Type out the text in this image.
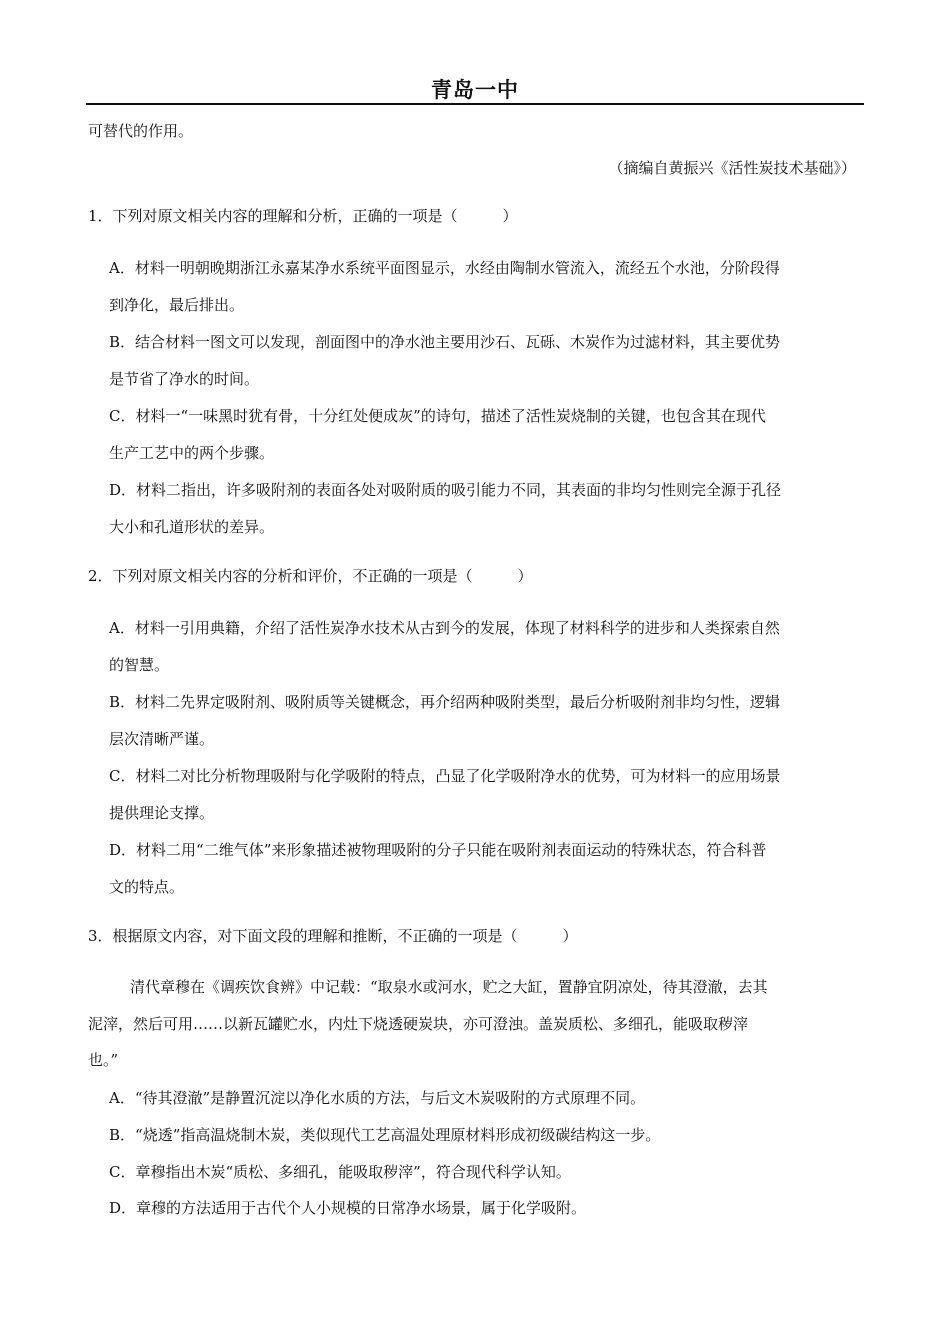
青岛一中
可替代的作用。
（摘编自黄振兴《活性炭技术基础》）
1．下列对原文相关内容的理解和分析，正确的一项是（　　　）
A．材料一明朝晚期浙江永嘉某净水系统平面图显示，水经由陶制水管流入，流经五个水池，分阶段得
到净化，最后排出。
B．结合材料一图文可以发现，剖面图中的净水池主要用沙石、瓦砾、木炭作为过滤材料，其主要优势
是节省了净水的时间。
C．材料一“一味黑时犹有骨，十分红处便成灰”的诗句，描述了活性炭烧制的关键，也包含其在现代
生产工艺中的两个步骤。
D．材料二指出，许多吸附剂的表面各处对吸附质的吸引能力不同，其表面的非均匀性则完全源于孔径
大小和孔道形状的差异。
2．下列对原文相关内容的分析和评价，不正确的一项是（　　　）
A．材料一引用典籍，介绍了活性炭净水技术从古到今的发展，体现了材料科学的进步和人类探索自然
的智慧。
B．材料二先界定吸附剂、吸附质等关键概念，再介绍两种吸附类型，最后分析吸附剂非均匀性，逻辑
层次清晰严谨。
C．材料二对比分析物理吸附与化学吸附的特点，凸显了化学吸附净水的优势，可为材料一的应用场景
提供理论支撑。
D．材料二用“二维气体”来形象描述被物理吸附的分子只能在吸附剂表面运动的特殊状态，符合科普
文的特点。
3．根据原文内容，对下面文段的理解和推断，不正确的一项是（　　　）
清代章穆在《调疾饮食辨》中记载：“取泉水或河水，贮之大缸，置静宜阴凉处，待其澄澈，去其
泥滓，然后可用……以新瓦罐贮水，内灶下烧透硬炭块，亦可澄浊。盖炭质松、多细孔，能吸取秽滓
也。”
A．“待其澄澈”是静置沉淀以净化水质的方法，与后文木炭吸附的方式原理不同。
B．“烧透”指高温烧制木炭，类似现代工艺高温处理原材料形成初级碳结构这一步。
C．章穆指出木炭“质松、多细孔，能吸取秽滓”，符合现代科学认知。
D．章穆的方法适用于古代个人小规模的日常净水场景，属于化学吸附。
